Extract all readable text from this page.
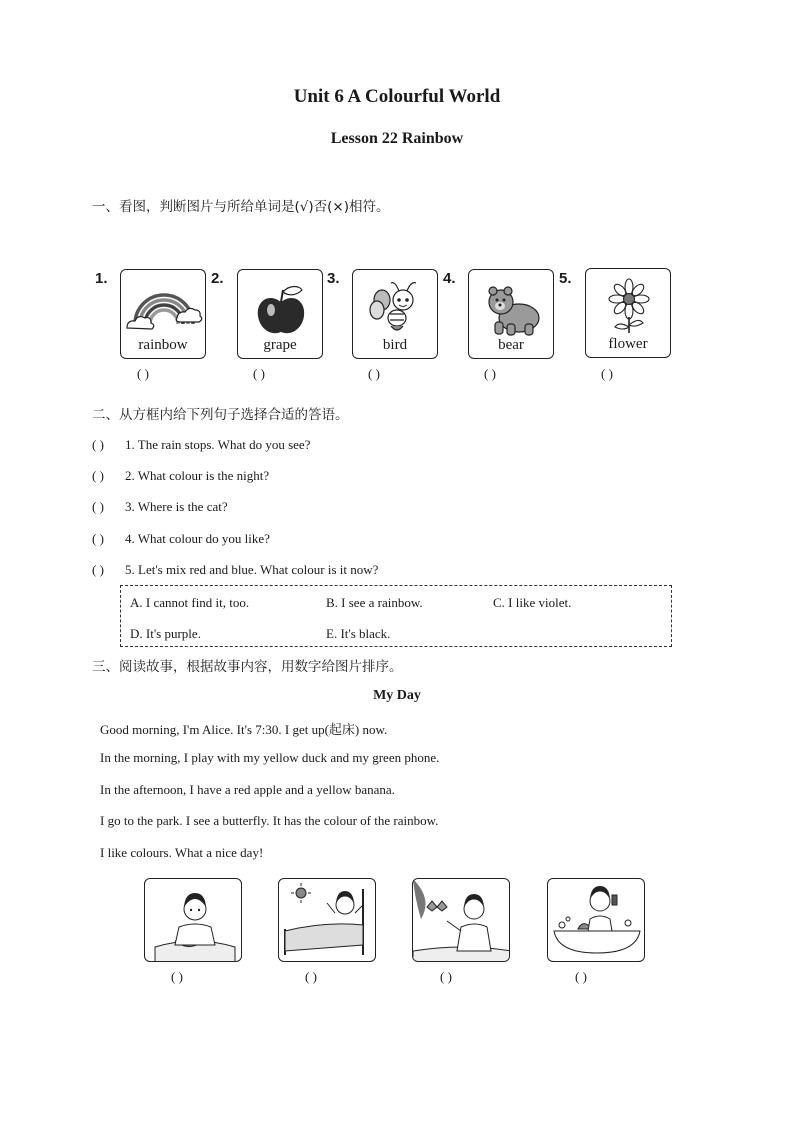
Unit 6 A Colourful World
Lesson 22 Rainbow
一、看图，判断图片与所给单词是(√)否(×)相符。
1.
rainbow
( )
2.
grape
( )
3.
bird
( )
4.
bear
( )
5.
flower
( )
二、从方框内给下列句子选择合适的答语。
( ) 1. The rain stops. What do you see?
( ) 2. What colour is the night?
( ) 3. Where is the cat?
( ) 4. What colour do you like?
( ) 5. Let's mix red and blue. What colour is it now?
A. I cannot find it, too.	B. I see a rainbow.	C. I like violet.
D. It's purple.	E. It's black.
三、阅读故事，根据故事内容，用数字给图片排序。
My Day
Good morning, I'm Alice. It's 7:30. I get up(起床) now.
In the morning, I play with my yellow duck and my green phone.
In the afternoon, I have a red apple and a yellow banana.
I go to the park. I see a butterfly. It has the colour of the rainbow.
I like colours. What a nice day!
( )	( )	( )	( )
